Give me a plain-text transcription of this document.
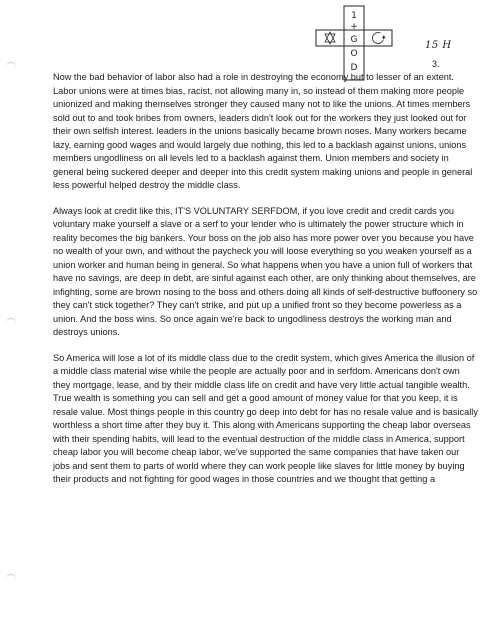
1
+
G
O
D
15 H
3.

Now the bad behavior of labor also had a role in destroying the economy but to lesser of an extent. Labor unions were at times bias, racist, not allowing many in, so instead of them making more people unionized and making themselves stronger they caused many not to like the unions. At times members sold out to and took bribes from owners, leaders didn't look out for the workers they just looked out for their own selfish interest. leaders in the unions basically became brown noses. Many workers became lazy, earning good wages and would largely due nothing, this led to a backlash against unions, unions members ungodliness on all levels led to a backlash against them. Union members and society in general being suckered deeper and deeper into this credit system making unions and people in general less powerful helped destroy the middle class.

Always look at credit like this, IT'S VOLUNTARY SERFDOM, if you love credit and credit cards you voluntary make yourself a slave or a serf to your lender who is ultimately the power structure which in reality becomes the big bankers. Your boss on the job also has more power over you because you have no wealth of your own, and without the paycheck you will loose everything so you weaken yourself as a union worker and human being in general. So what happens when you have a union full of workers that have no savings, are deep in debt, are sinful against each other, are only thinking about themselves, are infighting, some are brown nosing to the boss and others doing all kinds of self-destructive buffoonery so they can't stick together? They can't strike, and put up a unified front so they become powerless as a union. And the boss wins. So once again we're back to ungodliness destroys the working man and destroys unions.

So America will lose a lot of its middle class due to the credit system, which gives America the illusion of a middle class material wise while the people are actually poor and in serfdom. Americans don't own they mortgage, lease, and by their middle class life on credit and have very little actual tangible wealth. True wealth is something you can sell and get a good amount of money value for that you keep, it is resale value. Most things people in this country go deep into debt for has no resale value and is basically worthless a short time after they buy it. This along with Americans supporting the cheap labor overseas with their spending habits, will lead to the eventual destruction of the middle class in America, support cheap labor you will become cheap labor, we've supported the same companies that have taken our jobs and sent them to parts of world where they can work people like slaves for little money by buying their products and not fighting for good wages in those countries and we thought that getting a
